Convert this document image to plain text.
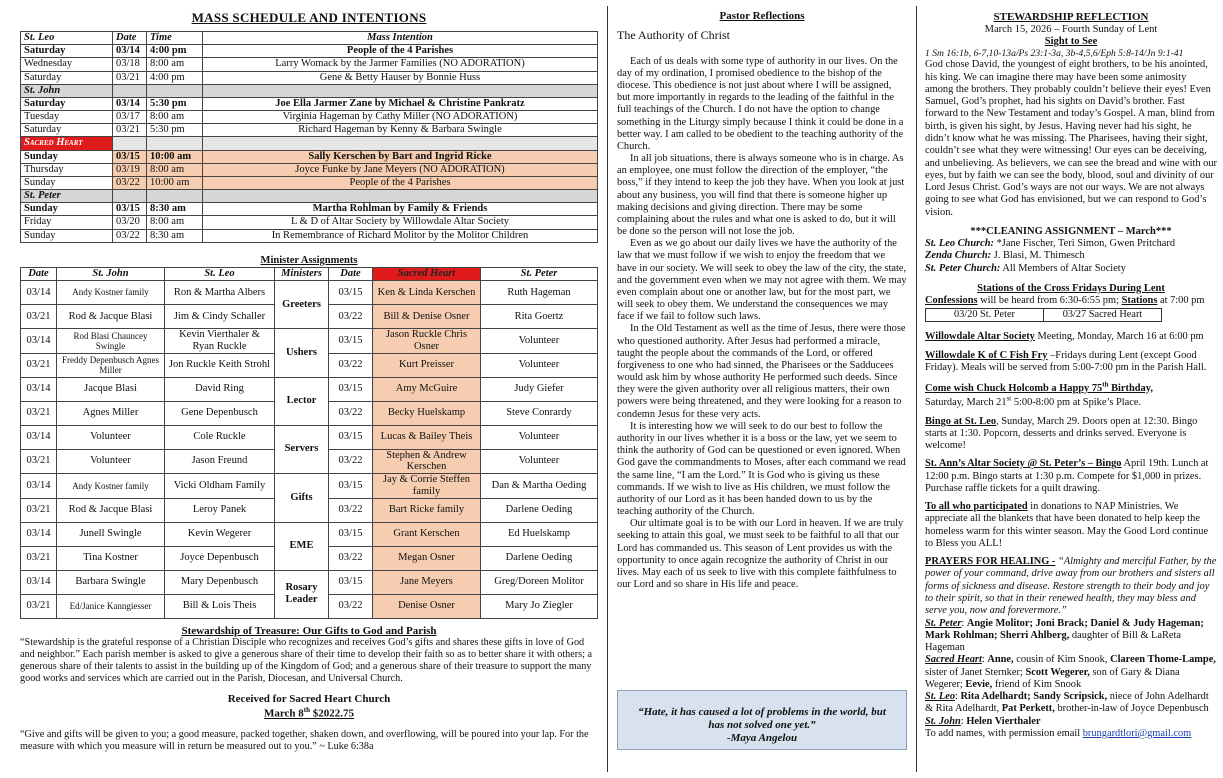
MASS SCHEDULE AND INTENTIONS
St. Leo	Date	Time	Mass Intention
Saturday	03/14	4:00 pm	People of the 4 Parishes
Wednesday	03/18	8:00 am	Larry Womack by the Jarmer Families (NO ADORATION)
Saturday	03/21	4:00 pm	Gene & Betty Hauser by Bonnie Huss
St. John			
Saturday	03/14	5:30 pm	Joe Ella Jarmer Zane by Michael & Christine Pankratz
Tuesday	03/17	8:00 am	Virginia Hageman by Cathy Miller (NO ADORATION)
Saturday	03/21	5:30 pm	Richard Hageman by Kenny & Barbara Swingle
Sacred Heart			
Sunday	03/15	10:00 am	Sally Kerschen by Bart and Ingrid Ricke
Thursday	03/19	8:00 am	Joyce Funke by Jane Meyers (NO ADORATION)
Sunday	03/22	10:00 am	People of the 4 Parishes
St. Peter			
Sunday	03/15	8:30 am	Martha Rohlman by Family & Friends
Friday	03/20	8:00 am	L & D of Altar Society by Willowdale Altar Society
Sunday	03/22	8:30 am	In Remembrance of Richard Molitor by the Molitor Children
Minister Assignments
Date	St. John	St. Leo	Ministers	Date	Sacred Heart	St. Peter
03/14	Andy Kostner family	Ron & Martha Albers	Greeters	03/15	Ken & Linda Kerschen	Ruth Hageman
03/21	Rod & Jacque Blasi	Jim & Cindy Schaller		03/22	Bill & Denise Osner	Rita Goertz
03/14	Rod Blasi Chauncey Swingle	Kevin Vierthaler & Ryan Ruckle	Ushers	03/15	Jason Ruckle Chris Osner	Volunteer
03/21	Freddy Depenbusch Agnes Miller	Jon Ruckle Keith Strohl		03/22	Kurt Preisser	Volunteer
03/14	Jacque Blasi	David Ring	Lector	03/15	Amy McGuire	Judy Giefer
03/21	Agnes Miller	Gene Depenbusch		03/22	Becky Huelskamp	Steve Conrardy
03/14	Volunteer	Cole Ruckle	Servers	03/15	Lucas & Bailey Theis	Volunteer
03/21	Volunteer	Jason Freund		03/22	Stephen & Andrew Kerschen	Volunteer
03/14	Andy Kostner family	Vicki Oldham Family	Gifts	03/15	Jay & Corrie Steffen family	Dan & Martha Oeding
03/21	Rod & Jacque Blasi	Leroy Panek		03/22	Bart Ricke family	Darlene Oeding
03/14	Junell Swingle	Kevin Wegerer	EME	03/15	Grant Kerschen	Ed Huelskamp
03/21	Tina Kostner	Joyce Depenbusch		03/22	Megan Osner	Darlene Oeding
03/14	Barbara Swingle	Mary Depenbusch	Rosary Leader	03/15	Jane Meyers	Greg/Doreen Molitor
03/21	Ed/Janice Kanngiesser	Bill & Lois Theis		03/22	Denise Osner	Mary Jo Ziegler
Stewardship of Treasure: Our Gifts to God and Parish

“Stewardship is the grateful response of a Christian Disciple who recognizes and receives God’s gifts and shares these gifts in love of God and neighbor.” Each parish member is asked to give a generous share of their time to develop their faith so as to better share it with others; a generous share of their talents to assist in the building up of the Kingdom of God; and a generous share of their treasure to support the many good works and services which are carried out in the Parish, Diocesan, and Universal Church.

Received for Sacred Heart Church
March 8th $2022.75

“Give and gifts will be given to you; a good measure, packed together, shaken down, and overflowing, will be poured into your lap. For the measure with which you measure will in return be measured out to you.” ~ Luke 6:38a

Pastor Reflections
The Authority of Christ

Each of us deals with some type of authority in our lives. On the day of my ordination, I promised obedience to the bishop of the diocese. This obedience is not just about where I will be assigned, but more importantly in regards to the leading of the faithful in the full teachings of the Church. I do not have the option to change something in the Liturgy simply because I think it could be done in a better way. I am called to be obedient to the teaching authority of the Church.

In all job situations, there is always someone who is in charge. As an employee, one must follow the direction of the employer, “the boss,” if they intend to keep the job they have. When you look at just about any business, you will find that there is someone higher up making decisions and giving direction. There may be some complaining about the rules and what one is asked to do, but it will be done so the person will not lose the job.

Even as we go about our daily lives we have the authority of the law that we must follow if we wish to enjoy the freedom that we have in our society. We will seek to obey the law of the city, the state, and the government even when we may not agree with them. We may even complain about one or another law, but for the most part, we will seek to obey them. We understand the consequences we may face if we fail to follow such laws.

In the Old Testament as well as the time of Jesus, there were those who questioned authority. After Jesus had performed a miracle, taught the people about the commands of the Lord, or offered forgiveness to one who had sinned, the Pharisees or the Sadducees would ask him by whose authority He performed such deeds. Since they were the given authority over all religious matters, their own powers were being threatened, and they were looking for a reason to condemn Jesus for these very acts.

It is interesting how we will seek to do our best to follow the authority in our lives whether it is a boss or the law, yet we seem to think the authority of God can be questioned or even ignored. When God gave the commandments to Moses, after each command we read the same line, “I am the Lord.” It is God who is giving us these commands. If we wish to live as His children, we must follow the authority of our Lord as it has been handed down to us by the teaching authority of the Church.

Our ultimate goal is to be with our Lord in heaven. If we are truly seeking to attain this goal, we must seek to be faithful to all that our Lord has commanded us. This season of Lent provides us with the opportunity to once again recognize the authority of Christ in our lives. May each of us seek to live with this complete faithfulness to our Lord and so share in His life and peace.

“Hate, it has caused a lot of problems in the world, but has not solved one yet.”
-Maya Angelou
STEWARDSHIP REFLECTION
March 15, 2026 – Fourth Sunday of Lent
Sight to See

1 Sm 16:1b, 6-7,10-13a/Ps 23:1-3a, 3b-4,5,6/Eph 5:8-14/Jn 9:1-41

God chose David, the youngest of eight brothers, to be his anointed, his king. We can imagine there may have been some animosity among the brothers. They probably couldn’t believe their eyes! Even Samuel, God’s prophet, had his sights on David’s brother. Fast forward to the New Testament and today’s Gospel. A man, blind from birth, is given his sight, by Jesus. Having never had his sight, he didn’t know what he was missing. The Pharisees, having their sight, couldn’t see what they were witnessing! Our eyes can be deceiving, and unbelieving. As believers, we can see the bread and wine with our eyes, but by faith we can see the body, blood, soul and divinity of our Lord Jesus Christ. God’s ways are not our ways. We are not always going to see what God has envisioned, but we can respond to God’s vision.

***CLEANING ASSIGNMENT – March***

St. Leo Church: *Jane Fischer, Teri Simon, Gwen Pritchard

Zenda Church: J. Blasi, M. Thimesch

St. Peter Church: All Members of Altar Society

Stations of the Cross Fridays During Lent

Confessions will be heard from 6:30-6:55 pm; Stations at 7:00 pm

03/20 St. Peter	03/27 Sacred Heart

Willowdale Altar Society Meeting, Monday, March 16 at 6:00 pm

Willowdale K of C Fish Fry –Fridays during Lent (except Good Friday). Meals will be served from 5:00-7:00 pm in the Parish Hall.

Come wish Chuck Holcomb a Happy 75th Birthday,
Saturday, March 21st 5:00-8:00 pm at Spike’s Place.

Bingo at St. Leo, Sunday, March 29. Doors open at 12:30. Bingo starts at 1:30. Popcorn, desserts and drinks served. Everyone is welcome!

St. Ann’s Altar Society @ St. Peter’s – Bingo April 19th. Lunch at 12:00 p.m. Bingo starts at 1:30 p.m. Compete for $1,000 in prizes. Purchase raffle tickets for a quilt drawing.

To all who participated in donations to NAP Ministries. We appreciate all the blankets that have been donated to help keep the homeless warm for this winter season. May the Good Lord continue to Bless you ALL!

PRAYERS FOR HEALING - “Almighty and merciful Father, by the power of your command, drive away from our brothers and sisters all forms of sickness and disease. Restore strength to their body and joy to their spirit, so that in their renewed health, they may bless and serve you, now and forevermore.”

St. Peter: Angie Molitor; Joni Brack; Daniel & Judy Hageman; Mark Rohlman; Sherri Ahlberg, daughter of Bill & LaReta Hageman

Sacred Heart: Anne, cousin of Kim Snook, Clareen Thome-Lampe, sister of Janet Sternker; Scott Wegerer, son of Gary & Diana Wegerer; Eevie, friend of Kim Snook

St. Leo: Rita Adelhardt; Sandy Scripsick, niece of John Adelhardt & Rita Adelhardt, Pat Perkett, brother-in-law of Joyce Depenbusch

St. John: Helen Vierthaler

To add names, with permission email brungardtlori@gmail.com
